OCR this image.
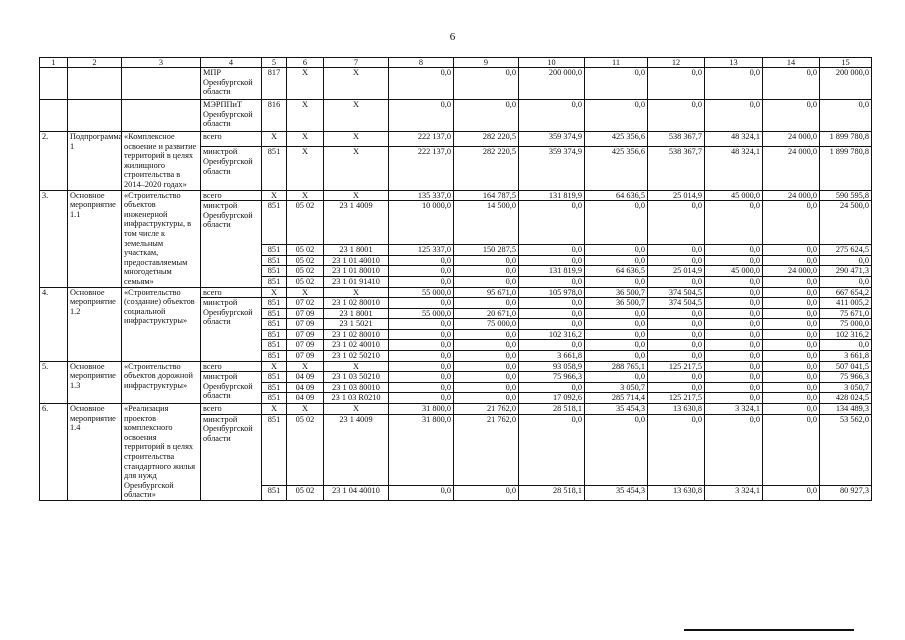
6
1	2	3	4	5	6	7	8	9	10	11	12	13	14	15
			МПР Оренбургской области	817	Х	Х	0,0	0,0	200 000,0	0,0	0,0	0,0	0,0	200 000,0
			МЭРППиТ Оренбургской области	816	Х	Х	0,0	0,0	0,0	0,0	0,0	0,0	0,0	0,0
2.	Подпрограмма 1	«Комплексное освоение и развитие территорий в целях жилищного строительства в 2014–2020 годах»	всего	Х	Х	Х	222 137,0	282 220,5	359 374,9	425 356,6	538 367,7	48 324,1	24 000,0	1 899 780,8
			минстрой Оренбургской области	851	Х	Х	222 137,0	282 220,5	359 374,9	425 356,6	538 367,7	48 324,1	24 000,0	1 899 780,8
3.	Основное мероприятие 1.1	«Строительство объектов инженерной инфраструктуры, в том числе к земельным участкам, предоставляемым многодетным семьям»	всего	Х	Х	Х	135 337,0	164 787,5	131 819,9	64 636,5	25 014,9	45 000,0	24 000,0	590 595,8
			минстрой Оренбургской области	851	05 02	23 1 4009	10 000,0	14 500,0	0,0	0,0	0,0	0,0	0,0	24 500,0
				851	05 02	23 1 8001	125 337,0	150 287,5	0,0	0,0	0,0	0,0	0,0	275 624,5
				851	05 02	23 1 01 40010	0,0	0,0	0,0	0,0	0,0	0,0	0,0	0,0
				851	05 02	23 1 01 80010	0,0	0,0	131 819,9	64 636,5	25 014,9	45 000,0	24 000,0	290 471,3
				851	05 02	23 1 01 91410	0,0	0,0	0,0	0,0	0,0	0,0	0,0	0,0
4.	Основное мероприятие 1.2	«Строительство (создание) объектов социальной инфраструктуры»	всего	Х	Х	Х	55 000,0	95 671,0	105 978,0	36 500,7	374 504,5	0,0	0,0	667 654,2
			минстрой Оренбургской области	851	07 02	23 1 02 80010	0,0	0,0	0,0	36 500,7	374 504,5	0,0	0,0	411 005,2
				851	07 09	23 1 8001	55 000,0	20 671,0	0,0	0,0	0,0	0,0	0,0	75 671,0
				851	07 09	23 1 5021	0,0	75 000,0	0,0	0,0	0,0	0,0	0,0	75 000,0
				851	07 09	23 1 02 80010	0,0	0,0	102 316,2	0,0	0,0	0,0	0,0	102 316,2
				851	07 09	23 1 02 40010	0,0	0,0	0,0	0,0	0,0	0,0	0,0	0,0
				851	07 09	23 1 02 50210	0,0	0,0	3 661,8	0,0	0,0	0,0	0,0	3 661,8
5.	Основное мероприятие 1.3	«Строительство объектов дорожной инфраструктуры»	всего	Х	Х	Х	0,0	0,0	93 058,9	288 765,1	125 217,5	0,0	0,0	507 041,5
			минстрой Оренбургской области	851	04 09	23 1 03 50210	0,0	0,0	75 966,3	0,0	0,0	0,0	0,0	75 966,3
				851	04 09	23 1 03 80010	0,0	0,0	0,0	3 050,7	0,0	0,0	0,0	3 050,7
				851	04 09	23 1 03 R0210	0,0	0,0	17 092,6	285 714,4	125 217,5	0,0	0,0	428 024,5
6.	Основное мероприятие 1.4	«Реализация проектов комплексного освоения территорий в целях строительства стандартного жилья для нужд Оренбургской области»	всего	Х	Х	Х	31 800,0	21 762,0	28 518,1	35 454,3	13 630,8	3 324,1	0,0	134 489,3
			минстрой Оренбургской области	851	05 02	23 1 4009	31 800,0	21 762,0	0,0	0,0	0,0	0,0	0,0	53 562,0
				851	05 02	23 1 04 40010	0,0	0,0	28 518,1	35 454,3	13 630,8	3 324,1	0,0	80 927,3
